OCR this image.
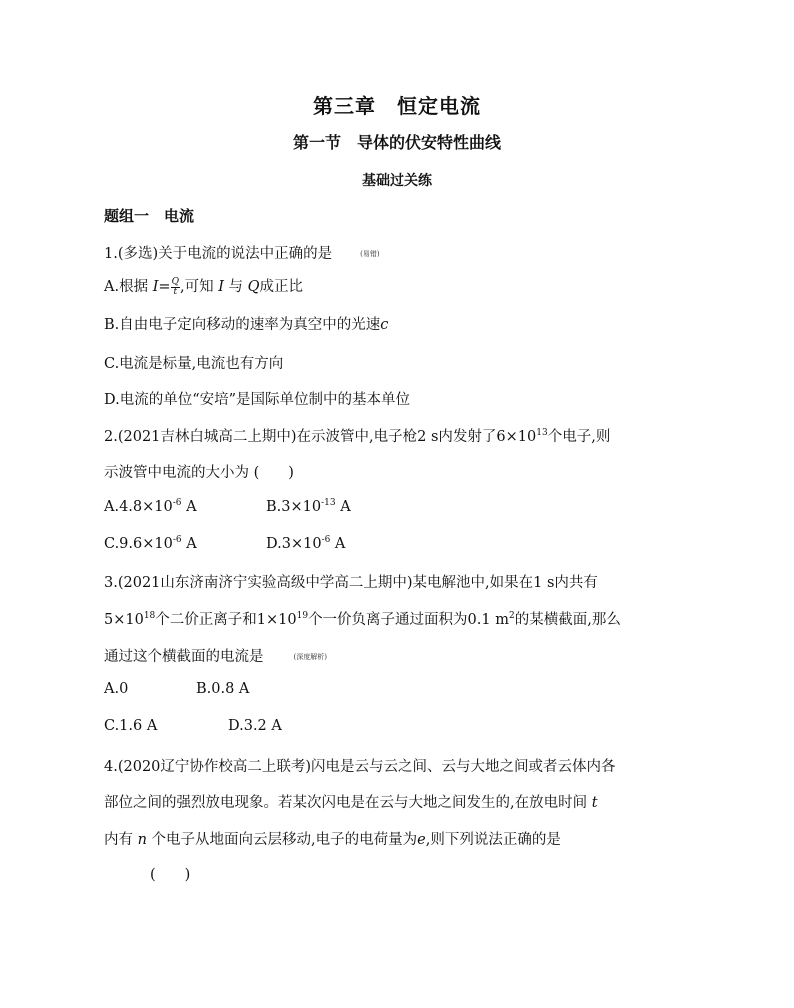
第三章　恒定电流
第一节　导体的伏安特性曲线
基础过关练
题组一　电流
1.(多选)关于电流的说法中正确的是	(易错)
A.根据 $I= \frac{Q}{t}$ ,可知 I 与 Q成正比
B.自由电子定向移动的速率为真空中的光速c
C.电流是标量,电流也有方向
D.电流的单位“安培”是国际单位制中的基本单位
2.(2021吉林白城高二上期中)在示波管中,电子枪2 s内发射了$6\times 10^{13}$个电子,则
示波管中电流的大小为 (　　)
$A.4.8\times 10^{-6}$ A	$B.3\times 10^{-13}$ A
$C.9.6\times 10^{-6}$ A	$D.3\times 10^{-6}$ A
3.(2021山东济南济宁实验高级中学高二上期中)某电解池中,如果在1 s内共有
$5\times 10^{18}$个二价正离子和$1\times 10^{19}$个一价负离子通过面积为0.1 $m^2$的某横截面,那么
通过这个横截面的电流是	(深度解析)
A.0	B.0.8 A
C.1.6 A	D.3.2 A
4.(2020辽宁协作校高二上联考)闪电是云与云之间、云与大地之间或者云体内各
部位之间的强烈放电现象。若某次闪电是在云与大地之间发生的,在放电时间 t
内有 n 个电子从地面向云层移动,电子的电荷量为e,则下列说法正确的是
(　　)
